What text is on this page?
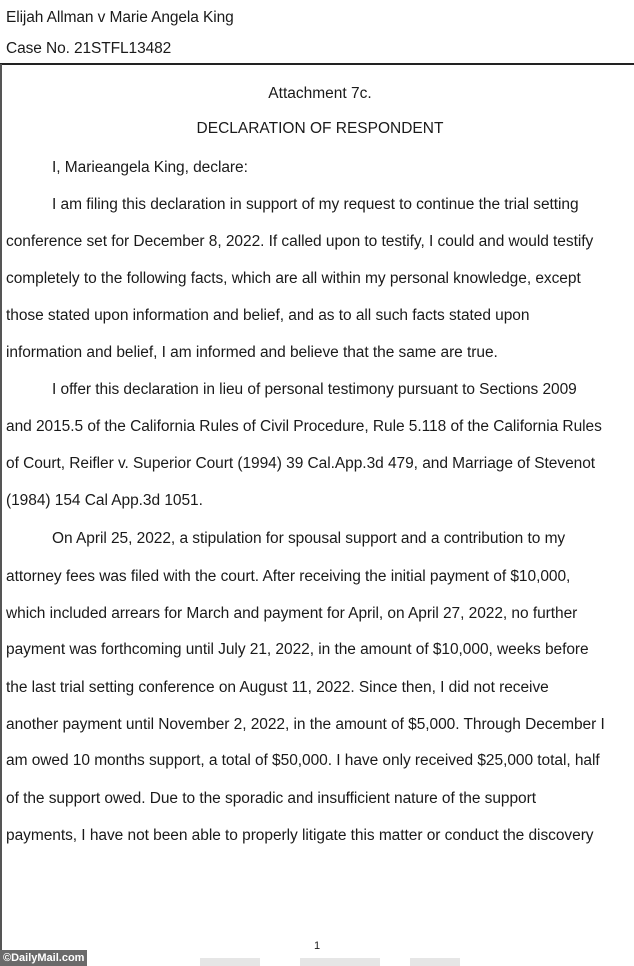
Elijah Allman v Marie Angela King
Case No. 21STFL13482
Attachment 7c.
DECLARATION OF RESPONDENT
I, Marieangela King, declare:
I am filing this declaration in support of my request to continue the trial setting
conference set for December 8, 2022. If called upon to testify, I could and would testify
completely to the following facts, which are all within my personal knowledge, except
those stated upon information and belief, and as to all such facts stated upon
information and belief, I am informed and believe that the same are true.
I offer this declaration in lieu of personal testimony pursuant to Sections 2009
and 2015.5 of the California Rules of Civil Procedure, Rule 5.118 of the California Rules
of Court, Reifler v. Superior Court (1994) 39 Cal.App.3d 479, and Marriage of Stevenot
(1984) 154 Cal App.3d 1051.
On April 25, 2022, a stipulation for spousal support and a contribution to my
attorney fees was filed with the court. After receiving the initial payment of $10,000,
which included arrears for March and payment for April, on April 27, 2022, no further
payment was forthcoming until July 21, 2022, in the amount of $10,000, weeks before
the last trial setting conference on August 11, 2022. Since then, I did not receive
another payment until November 2, 2022, in the amount of $5,000. Through December I
am owed 10 months support, a total of $50,000. I have only received $25,000 total, half
of the support owed. Due to the sporadic and insufficient nature of the support
payments, I have not been able to properly litigate this matter or conduct the discovery
1
©DailyMail.com
